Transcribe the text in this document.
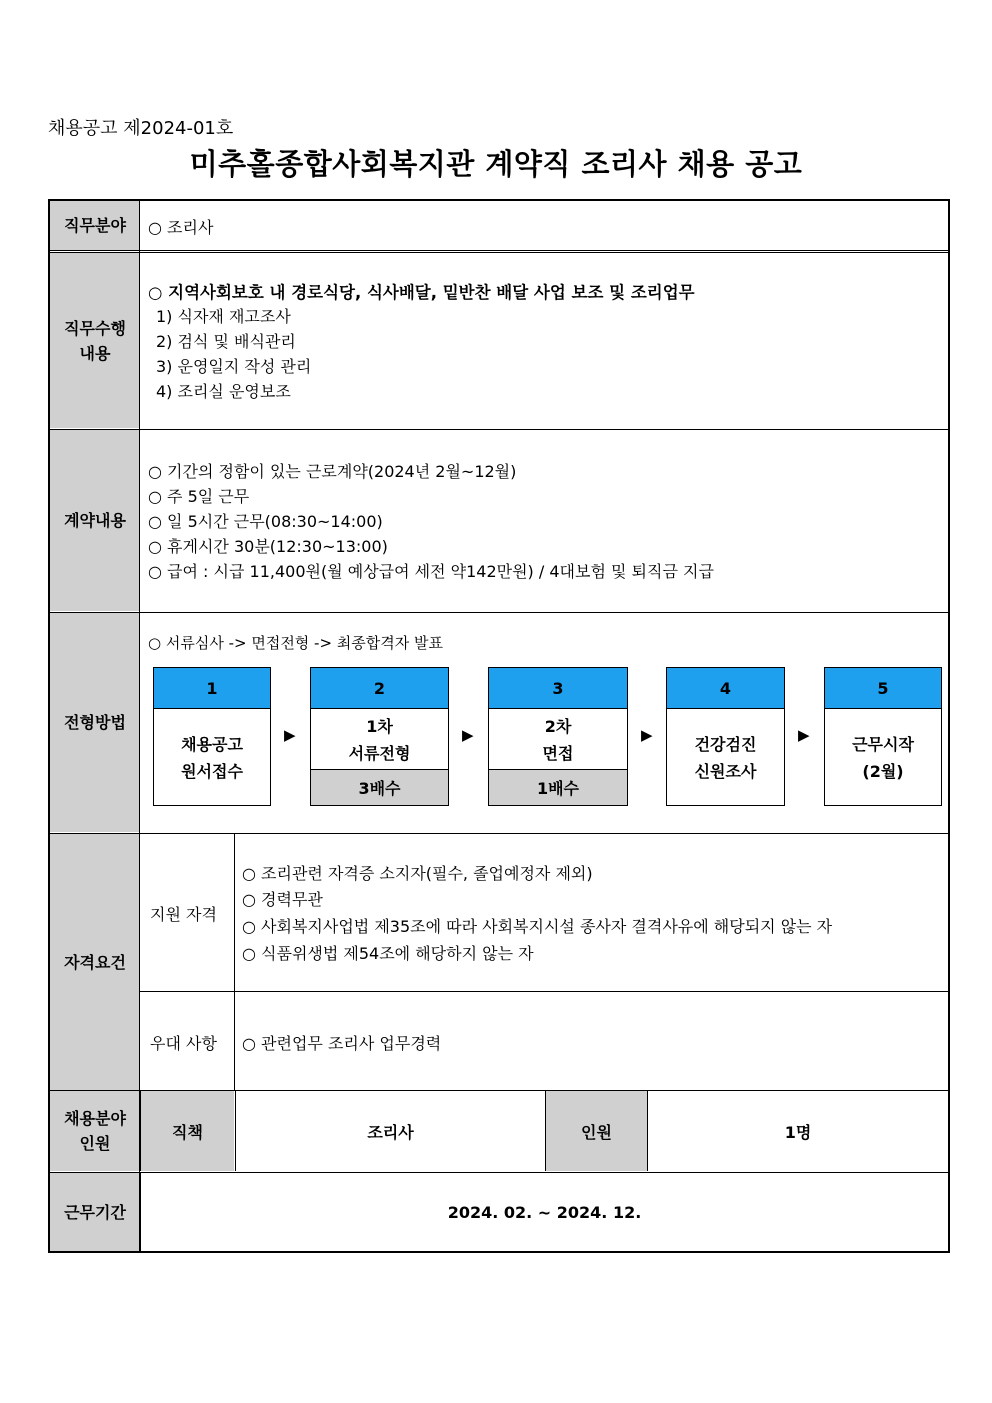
채용공고 제2024-01호
미추홀종합사회복지관 계약직 조리사 채용 공고
직무분야 ○ 조리사
직무수행
내용
○ 지역사회보호 내 경로식당, 식사배달, 밑반찬 배달 사업 보조 및 조리업무
1) 식자재 재고조사
2) 검식 및 배식관리
3) 운영일지 작성 관리
4) 조리실 운영보조
계약내용
○ 기간의 정함이 있는 근로계약(2024년 2월~12월)
○ 주 5일 근무
○ 일 5시간 근무(08:30~14:00)
○ 휴게시간 30분(12:30~13:00)
○ 급여 : 시급 11,400원(월 예상급여 세전 약142만원) / 4대보험 및 퇴직금 지급
전형방법
○ 서류심사 -> 면접전형 -> 최종합격자 발표
1
채용공고
원서접수
▶
2
1차
서류전형
3배수
▶
3
2차
면접
1배수
▶
4
건강검진
신원조사
▶
5
근무시작
(2월)
자격요건
지원 자격
○ 조리관련 자격증 소지자(필수, 졸업예정자 제외)
○ 경력무관
○ 사회복지사업법 제35조에 따라 사회복지시설 종사자 결격사유에 해당되지 않는 자
○ 식품위생법 제54조에 해당하지 않는 자
우대 사항 ○ 관련업무 조리사 업무경력
채용분야
인원
직책	조리사	인원	1명
근무기간	2024. 02. ~ 2024. 12.
